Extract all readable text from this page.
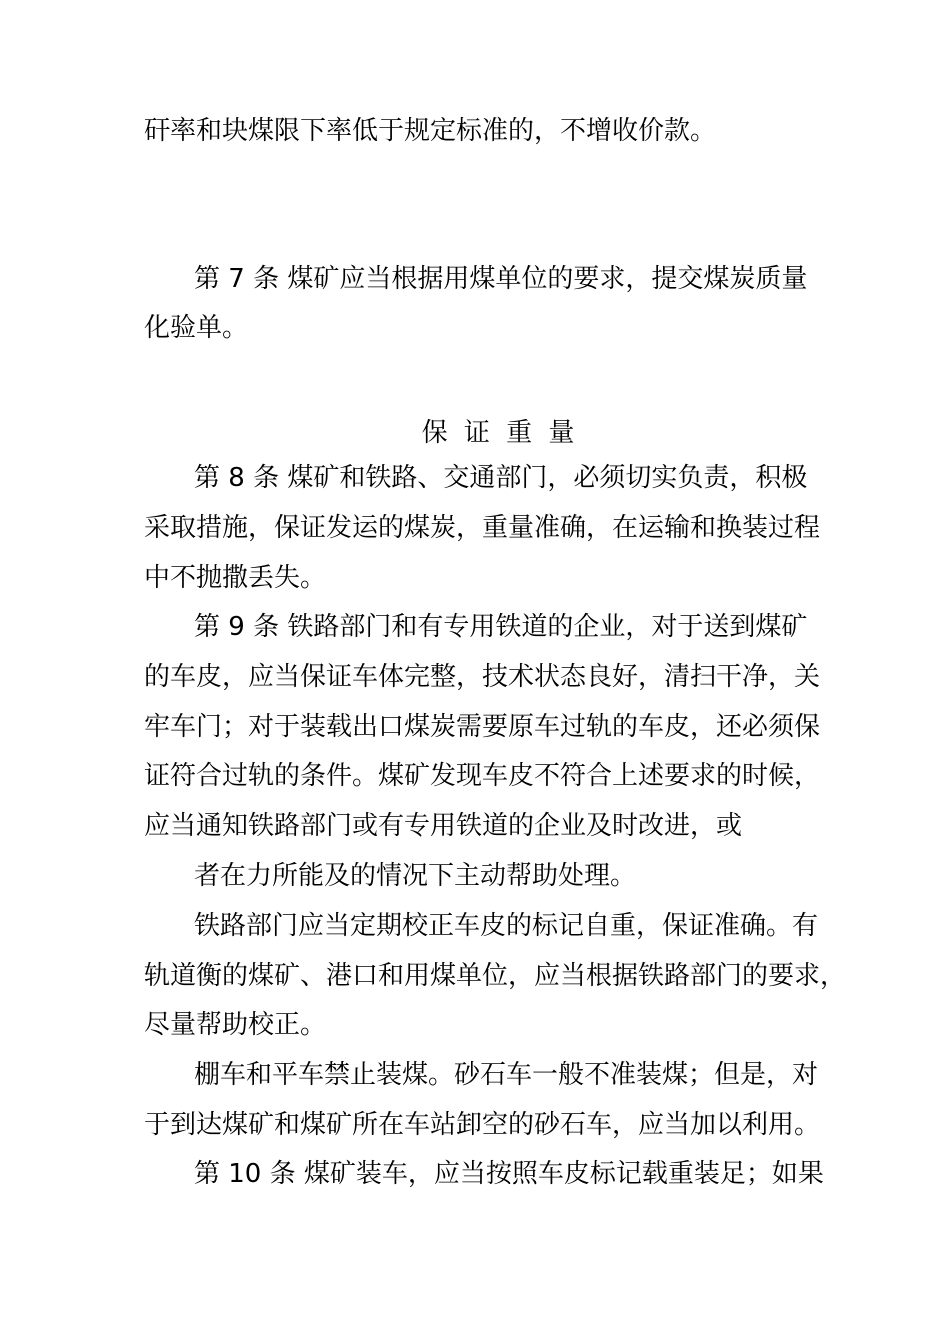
矸率和块煤限下率低于规定标准的，不增收价款。
第 7 条 煤矿应当根据用煤单位的要求，提交煤炭质量
化验单。
保 证 重 量
第 8 条 煤矿和铁路、交通部门，必须切实负责，积极
采取措施，保证发运的煤炭，重量准确，在运输和换装过程
中不抛撒丢失。
第 9 条 铁路部门和有专用铁道的企业，对于送到煤矿
的车皮，应当保证车体完整，技术状态良好，清扫干净，关
牢车门；对于装载出口煤炭需要原车过轨的车皮，还必须保
证符合过轨的条件。煤矿发现车皮不符合上述要求的时候，
应当通知铁路部门或有专用铁道的企业及时改进，或
者在力所能及的情况下主动帮助处理。
铁路部门应当定期校正车皮的标记自重，保证准确。有
轨道衡的煤矿、港口和用煤单位，应当根据铁路部门的要求，
尽量帮助校正。
棚车和平车禁止装煤。砂石车一般不准装煤；但是，对
于到达煤矿和煤矿所在车站卸空的砂石车，应当加以利用。
第 10 条 煤矿装车，应当按照车皮标记载重装足；如果
